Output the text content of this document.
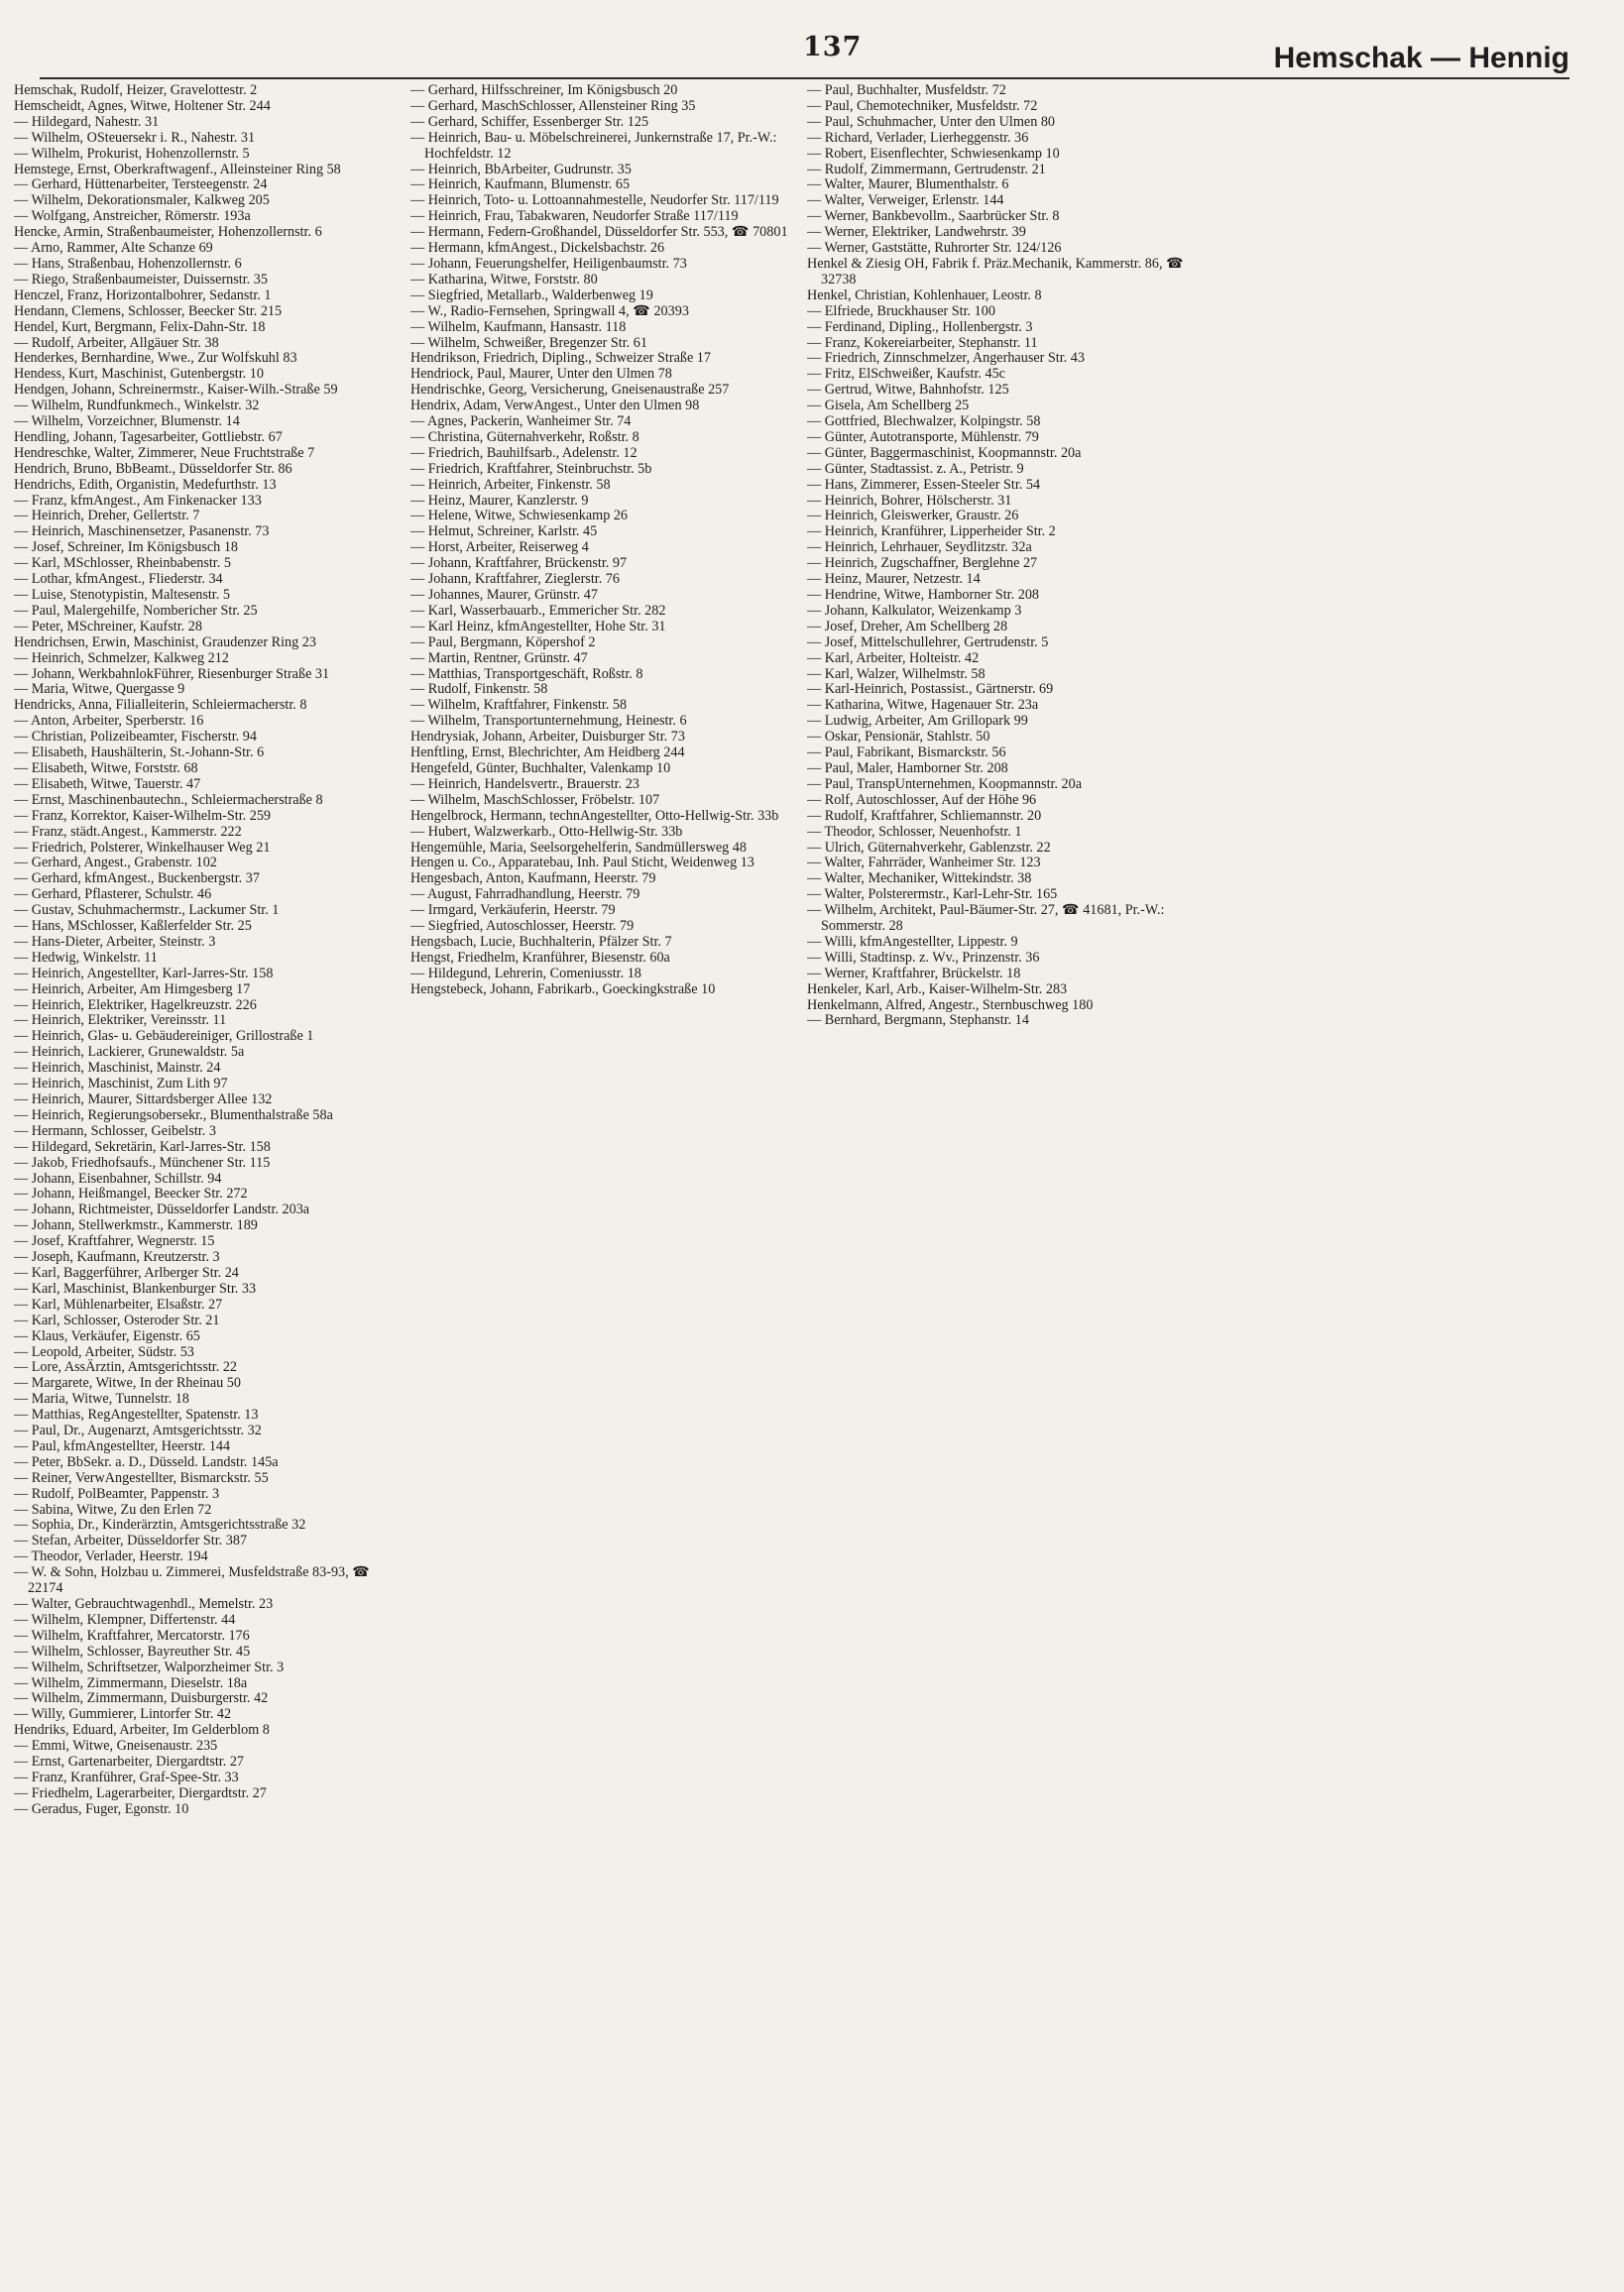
137	Hemschak — Hennig
Hemschak, Rudolf, Heizer, Gravelottestr. 2
Hemscheidt, Agnes, Witwe, Holtener Str. 244
— Hildegard, Nahestr. 31
— Wilhelm, OSteuersekr i. R., Nahestr. 31
— Wilhelm, Prokurist, Hohenzollernstr. 5
Hemstege, Ernst, Oberkraftwagenf., Alleinsteiner Ring 58
— Gerhard, Hüttenarbeiter, Tersteegenstr. 24
— Wilhelm, Dekorationsmaler, Kalkweg 205
— Wolfgang, Anstreicher, Römerstr. 193a
Hencke, Armin, Straßenbaumeister, Hohenzollernstr. 6
— Arno, Rammer, Alte Schanze 69
— Hans, Straßenbau, Hohenzollernstr. 6
— Riego, Straßenbaumeister, Duissernstr. 35
Henczel, Franz, Horizontalbohrer, Sedanstr. 1
Hendann, Clemens, Schlosser, Beecker Str. 215
Hendel, Kurt, Bergmann, Felix-Dahn-Str. 18
— Rudolf, Arbeiter, Allgäuer Str. 38
Henderkes, Bernhardine, Wwe., Zur Wolfskuhl 83
Hendess, Kurt, Maschinist, Gutenbergstr. 10
Hendgen, Johann, Schreinermstr., Kaiser-Wilh.-Straße 59
— Wilhelm, Rundfunkmech., Winkelstr. 32
— Wilhelm, Vorzeichner, Blumenstr. 14
Hendling, Johann, Tagesarbeiter, Gottliebstr. 67
Hendreschke, Walter, Zimmerer, Neue Fruchtstraße 7
Hendrich, Bruno, BbBeamt., Düsseldorfer Str. 86
Hendrichs, Edith, Organistin, Medefurthstr. 13
— Franz, kfmAngest., Am Finkenacker 133
— Heinrich, Dreher, Gellertstr. 7
— Heinrich, Maschinensetzer, Pasanenstr. 73
— Josef, Schreiner, Im Königsbusch 18
— Karl, MSchlosser, Rheinbabenstr. 5
— Lothar, kfmAngest., Fliederstr. 34
— Luise, Stenotypistin, Maltesenstr. 5
— Paul, Malergehilfe, Nombericher Str. 25
— Peter, MSchreiner, Kaufstr. 28
Hendrichsen, Erwin, Maschinist, Graudenzer Ring 23
— Heinrich, Schmelzer, Kalkweg 212
— Johann, WerkbahnlokFührer, Riesenburger Straße 31
— Maria, Witwe, Quergasse 9
Hendricks, Anna, Filialleiterin, Schleiermacherstr. 8
— Anton, Arbeiter, Sperberstr. 16
— Christian, Polizeibeamter, Fischerstr. 94
— Elisabeth, Haushälterin, St.-Johann-Str. 6
— Elisabeth, Witwe, Forststr. 68
— Elisabeth, Witwe, Tauerstr. 47
— Ernst, Maschinenbautechn., Schleiermacherstraße 8
— Franz, Korrektor, Kaiser-Wilhelm-Str. 259
— Franz, städt.Angest., Kammerstr. 222
— Friedrich, Polsterer, Winkelhauser Weg 21
— Gerhard, Angest., Grabenstr. 102
— Gerhard, kfmAngest., Buckenbergstr. 37
— Gerhard, Pflasterer, Schulstr. 46
— Gustav, Schuhmachermstr., Lackumer Str. 1
— Hans, MSchlosser, Kaßlerfelder Str. 25
— Hans-Dieter, Arbeiter, Steinstr. 3
— Hedwig, Winkelstr. 11
— Heinrich, Angestellter, Karl-Jarres-Str. 158
— Heinrich, Arbeiter, Am Himgesberg 17
— Heinrich, Elektriker, Hagelkreuzstr. 226
— Heinrich, Elektriker, Vereinsstr. 11
— Heinrich, Glas- u. Gebäudereiniger, Grillostraße 1
— Heinrich, Lackierer, Grunewaldstr. 5a
— Heinrich, Maschinist, Mainstr. 24
— Heinrich, Maschinist, Zum Lith 97
— Heinrich, Maurer, Sittardsberger Allee 132
— Heinrich, Regierungsobersekr., Blumenthalstraße 58a
— Hermann, Schlosser, Geibelstr. 3
— Hildegard, Sekretärin, Karl-Jarres-Str. 158
— Jakob, Friedhofsaufs., Münchener Str. 115
— Johann, Eisenbahner, Schillstr. 94
— Johann, Heißmangel, Beecker Str. 272
— Johann, Richtmeister, Düsseldorfer Landstr. 203a
— Johann, Stellwerkmstr., Kammerstr. 189
— Josef, Kraftfahrer, Wegnerstr. 15
— Joseph, Kaufmann, Kreutzerstr. 3
— Karl, Baggerführer, Arlberger Str. 24
— Karl, Maschinist, Blankenburger Str. 33
— Karl, Mühlenarbeiter, Elsaßstr. 27
— Karl, Schlosser, Osteroder Str. 21
— Klaus, Verkäufer, Eigenstr. 65
— Leopold, Arbeiter, Südstr. 53
— Lore, AssÄrztin, Amtsgerichtsstr. 22
— Margarete, Witwe, In der Rheinau 50
— Maria, Witwe, Tunnelstr. 18
— Matthias, RegAngestellter, Spatenstr. 13
— Paul, Dr., Augenarzt, Amtsgerichtsstr. 32
— Paul, kfmAngestellter, Heerstr. 144
— Peter, BbSekr. a. D., Düsseld. Landstr. 145a
— Reiner, VerwAngestellter, Bismarckstr. 55
— Rudolf, PolBeamter, Pappenstr. 3
— Sabina, Witwe, Zu den Erlen 72
— Sophia, Dr., Kinderärztin, Amtsgerichtsstraße 32
— Stefan, Arbeiter, Düsseldorfer Str. 387
— Theodor, Verlader, Heerstr. 194
— W. & Sohn, Holzbau u. Zimmerei, Musfeldstraße 83-93, ☎ 22174
— Walter, Gebrauchtwagenhdl., Memelstr. 23
— Wilhelm, Klempner, Differtenstr. 44
— Wilhelm, Kraftfahrer, Mercatorstr. 176
— Wilhelm, Schlosser, Bayreuther Str. 45
— Wilhelm, Schriftsetzer, Walporzheimer Str. 3
— Wilhelm, Zimmermann, Dieselstr. 18a
— Wilhelm, Zimmermann, Duisburgerstr. 42
— Willy, Gummierer, Lintorfer Str. 42
Hendriks, Eduard, Arbeiter, Im Gelderblom 8
— Emmi, Witwe, Gneisenaustr. 235
— Ernst, Gartenarbeiter, Diergardtstr. 27
— Franz, Kranführer, Graf-Spee-Str. 33
— Friedhelm, Lagerarbeiter, Diergardtstr. 27
— Geradus, Fuger, Egonstr. 10
— Gerhard, Hilfsschreiner, Im Königsbusch 20
— Gerhard, MaschSchlosser, Allensteiner Ring 35
— Gerhard, Schiffer, Essenberger Str. 125
— Heinrich, Bau- u. Möbelschreinerei, Junkernstraße 17, Pr.-W.: Hochfeldstr. 12
— Heinrich, BbArbeiter, Gudrunstr. 35
— Heinrich, Kaufmann, Blumenstr. 65
— Heinrich, Toto- u. Lottoannahmestelle, Neudorfer Str. 117/119
— Heinrich, Frau, Tabakwaren, Neudorfer Straße 117/119
— Hermann, Federn-Großhandel, Düsseldorfer Str. 553, ☎ 70801
— Hermann, kfmAngest., Dickelsbachstr. 26
— Johann, Feuerungshelfer, Heiligenbaumstr. 73
— Katharina, Witwe, Forststr. 80
— Siegfried, Metallarb., Walderbenweg 19
— W., Radio-Fernsehen, Springwall 4, ☎ 20393
— Wilhelm, Kaufmann, Hansastr. 118
— Wilhelm, Schweißer, Bregenzer Str. 61
Hendrikson, Friedrich, Dipling., Schweizer Straße 17
Hendriock, Paul, Maurer, Unter den Ulmen 78
Hendrischke, Georg, Versicherung, Gneisenaustraße 257
Hendrix, Adam, VerwAngest., Unter den Ulmen 98
— Agnes, Packerin, Wanheimer Str. 74
— Christina, Güternahverkehr, Roßstr. 8
— Friedrich, Bauhilfsarb., Adelenstr. 12
— Friedrich, Kraftfahrer, Steinbruchstr. 5b
— Heinrich, Arbeiter, Finkenstr. 58
— Heinz, Maurer, Kanzlerstr. 9
— Helene, Witwe, Schwiesenkamp 26
— Helmut, Schreiner, Karlstr. 45
— Horst, Arbeiter, Reiserweg 4
— Johann, Kraftfahrer, Brückenstr. 97
— Johann, Kraftfahrer, Zieglerstr. 76
— Johannes, Maurer, Grünstr. 47
— Karl, Wasserbauarb., Emmericher Str. 282
— Karl Heinz, kfmAngestellter, Hohe Str. 31
— Paul, Bergmann, Köpershof 2
— Martin, Rentner, Grünstr. 47
— Matthias, Transportgeschäft, Roßstr. 8
— Rudolf, Finkenstr. 58
— Wilhelm, Kraftfahrer, Finkenstr. 58
— Wilhelm, Transportunternehmung, Heinestr. 6
Hendrysiak, Johann, Arbeiter, Duisburger Str. 73
Henftling, Ernst, Blechrichter, Am Heidberg 244
Hengefeld, Günter, Buchhalter, Valenkamp 10
— Heinrich, Handelsvertr., Brauerstr. 23
— Wilhelm, MaschSchlosser, Fröbelstr. 107
Hengelbrock, Hermann, technAngestellter, Otto-Hellwig-Str. 33b
— Hubert, Walzwerkarb., Otto-Hellwig-Str. 33b
Hengemühle, Maria, Seelsorgehelferin, Sandmüllersweg 48
Hengen u. Co., Apparatebau, Inh. Paul Sticht, Weidenweg 13
Hengesbach, Anton, Kaufmann, Heerstr. 79
— August, Fahrradhandlung, Heerstr. 79
— Irmgard, Verkäuferin, Heerstr. 79
— Siegfried, Autoschlosser, Heerstr. 79
Hengsbach, Lucie, Buchhalterin, Pfälzer Str. 7
Hengst, Friedhelm, Kranführer, Biesenstr. 60a
— Hildegund, Lehrerin, Comeniusstr. 18
Hengstebeck, Johann, Fabrikarb., Goeckingkstraße 10
— Paul, Buchhalter, Musfeldstr. 72
— Paul, Chemotechniker, Musfeldstr. 72
— Paul, Schuhmacher, Unter den Ulmen 80
— Richard, Verlader, Lierheggenstr. 36
— Robert, Eisenflechter, Schwiesenkamp 10
— Rudolf, Zimmermann, Gertrudenstr. 21
— Walter, Maurer, Blumenthalstr. 6
— Walter, Verweiger, Erlenstr. 144
— Werner, Bankbevollm., Saarbrücker Str. 8
— Werner, Elektriker, Landwehrstr. 39
— Werner, Gaststätte, Ruhrorter Str. 124/126
Henkel & Ziesig OH, Fabrik f. Präz.Mechanik, Kammerstr. 86, ☎ 32738
Henkel, Christian, Kohlenhauer, Leostr. 8
— Elfriede, Bruckhauser Str. 100
— Ferdinand, Dipling., Hollenbergstr. 3
— Franz, Kokereiarbeiter, Stephanstr. 11
— Friedrich, Zinnschmelzer, Angerhauser Str. 43
— Fritz, ElSchweißer, Kaufstr. 45c
— Gertrud, Witwe, Bahnhofstr. 125
— Gisela, Am Schellberg 25
— Gottfried, Blechwalzer, Kolpingstr. 58
— Günter, Autotransporte, Mühlenstr. 79
— Günter, Baggermaschinist, Koopmannstr. 20a
— Günter, Stadtassist. z. A., Petristr. 9
— Hans, Zimmerer, Essen-Steeler Str. 54
— Heinrich, Bohrer, Hölscherstr. 31
— Heinrich, Gleiswerker, Graustr. 26
— Heinrich, Kranführer, Lipperheider Str. 2
— Heinrich, Lehrhauer, Seydlitzstr. 32a
— Heinrich, Zugschaffner, Berglehne 27
— Heinz, Maurer, Netzestr. 14
— Hendrine, Witwe, Hamborner Str. 208
— Johann, Kalkulator, Weizenkamp 3
— Josef, Dreher, Am Schellberg 28
— Josef, Mittelschullehrer, Gertrudenstr. 5
— Karl, Arbeiter, Holteistr. 42
— Karl, Walzer, Wilhelmstr. 58
— Karl-Heinrich, Postassist., Gärtnerstr. 69
— Katharina, Witwe, Hagenauer Str. 23a
— Ludwig, Arbeiter, Am Grillopark 99
— Oskar, Pensionär, Stahlstr. 50
— Paul, Fabrikant, Bismarckstr. 56
— Paul, Maler, Hamborner Str. 208
— Paul, TranspUnternehmen, Koopmannstr. 20a
— Rolf, Autoschlosser, Auf der Höhe 96
— Rudolf, Kraftfahrer, Schliemannstr. 20
— Theodor, Schlosser, Neuenhofstr. 1
— Ulrich, Güternahverkehr, Gablenzstr. 22
— Walter, Fahrräder, Wanheimer Str. 123
— Walter, Mechaniker, Wittekindstr. 38
— Walter, Polsterermstr., Karl-Lehr-Str. 165
— Wilhelm, Architekt, Paul-Bäumer-Str. 27, ☎ 41681, Pr.-W.: Sommerstr. 28
— Willi, kfmAngestellter, Lippestr. 9
— Willi, Stadtinsp. z. Wv., Prinzenstr. 36
— Werner, Kraftfahrer, Brückelstr. 18
Henkeler, Karl, Arb., Kaiser-Wilhelm-Str. 283
Henkelmann, Alfred, Angestr., Sternbuschweg 180
— Bernhard, Bergmann, Stephanstr. 14
